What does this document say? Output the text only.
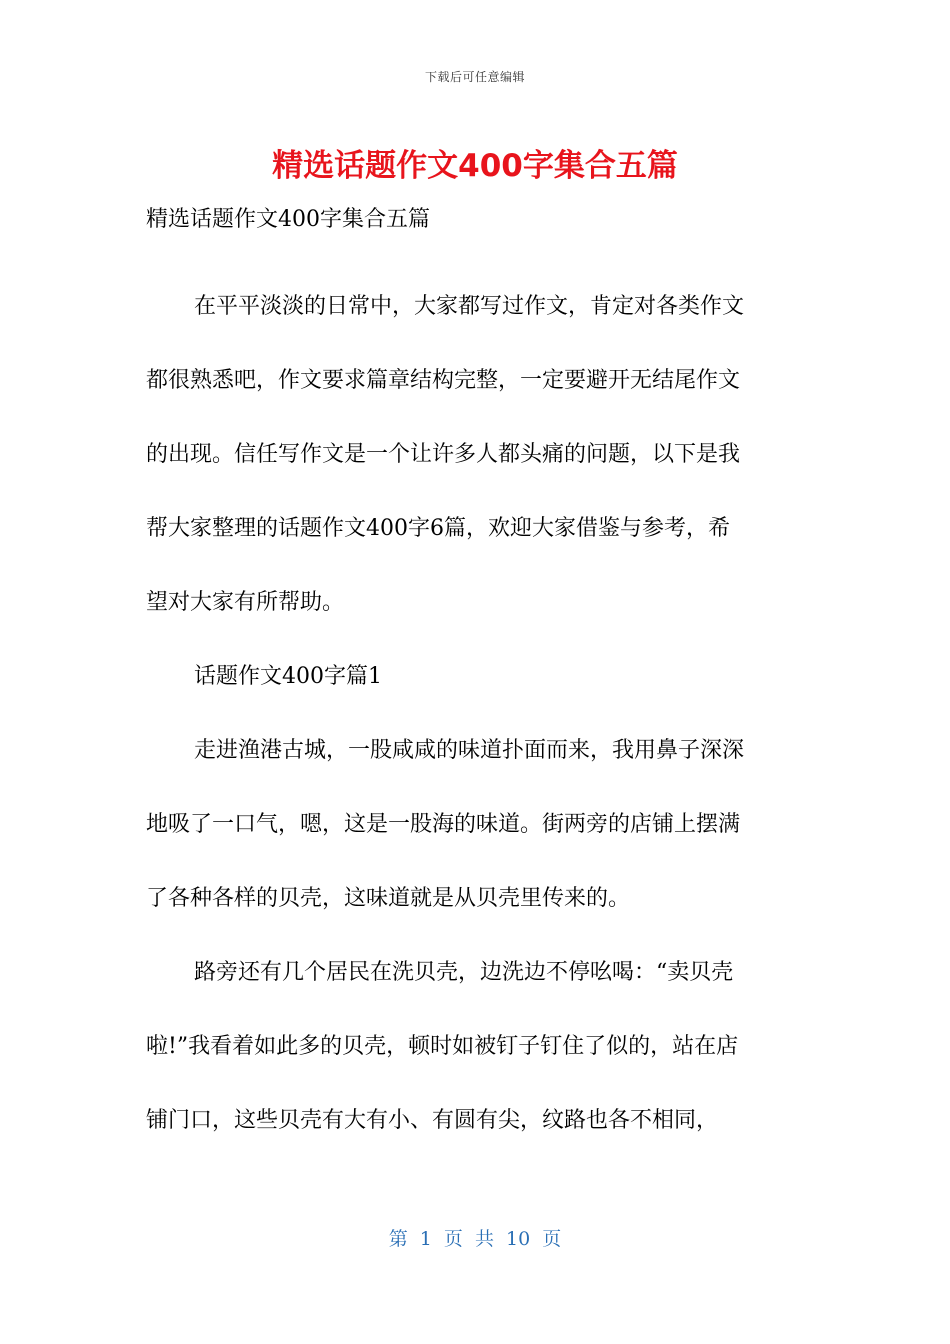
下载后可任意编辑
精选话题作文400字集合五篇

精选话题作文400字集合五篇

在平平淡淡的日常中，大家都写过作文，肯定对各类作文

都很熟悉吧，作文要求篇章结构完整，一定要避开无结尾作文

的出现。信任写作文是一个让许多人都头痛的问题，以下是我

帮大家整理的话题作文400字6篇，欢迎大家借鉴与参考，希

望对大家有所帮助。

话题作文400字篇1

走进渔港古城，一股咸咸的味道扑面而来，我用鼻子深深

地吸了一口气，嗯，这是一股海的味道。街两旁的店铺上摆满

了各种各样的贝壳，这味道就是从贝壳里传来的。

路旁还有几个居民在洗贝壳，边洗边不停吆喝：“卖贝壳

啦!”我看着如此多的贝壳，顿时如被钉子钉住了似的，站在店

铺门口，这些贝壳有大有小、有圆有尖，纹路也各不相同，

第 1 页 共 10 页
